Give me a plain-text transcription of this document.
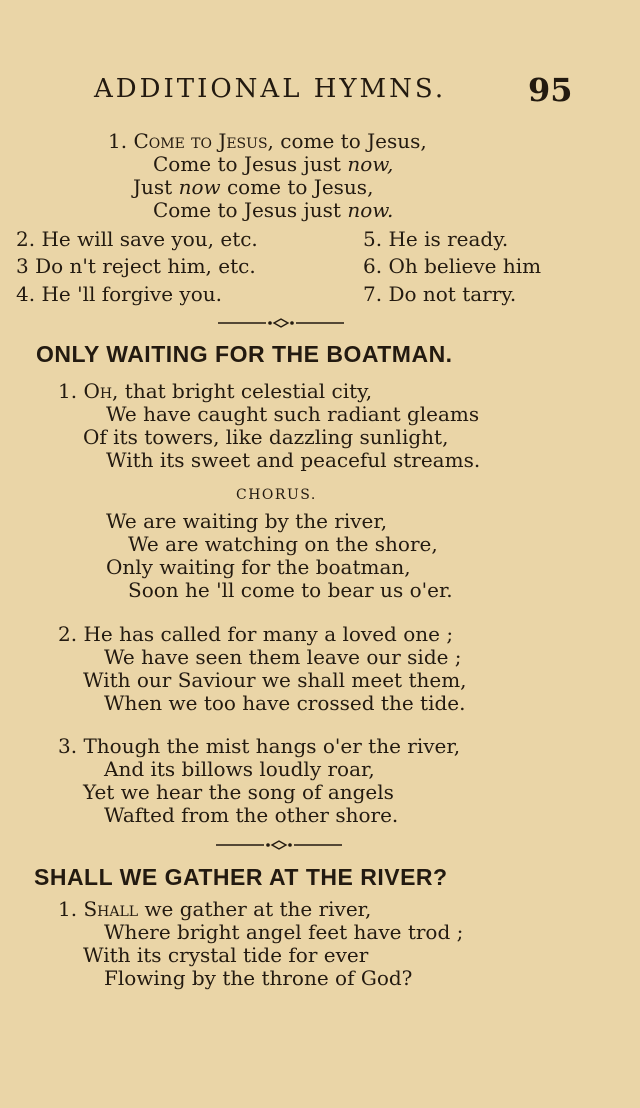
ADDITIONAL HYMNS.	95
1. Come to Jesus, come to Jesus,
Come to Jesus just now,
Just now come to Jesus,
Come to Jesus just now.
2. He will save you, etc.
3 Do n't reject him, etc.
4. He 'll forgive you.
5. He is ready.
6. Oh believe him
7. Do not tarry.
ONLY WAITING FOR THE BOATMAN.
1. Oh, that bright celestial city,
We have caught such radiant gleams
Of its towers, like dazzling sunlight,
With its sweet and peaceful streams.
CHORUS.
We are waiting by the river,
We are watching on the shore,
Only waiting for the boatman,
Soon he 'll come to bear us o'er.
2. He has called for many a loved one ;
We have seen them leave our side ;
With our Saviour we shall meet them,
When we too have crossed the tide.
3. Though the mist hangs o'er the river,
And its billows loudly roar,
Yet we hear the song of angels
Wafted from the other shore.
SHALL WE GATHER AT THE RIVER?
1. Shall we gather at the river,
Where bright angel feet have trod ;
With its crystal tide for ever
Flowing by the throne of God?
